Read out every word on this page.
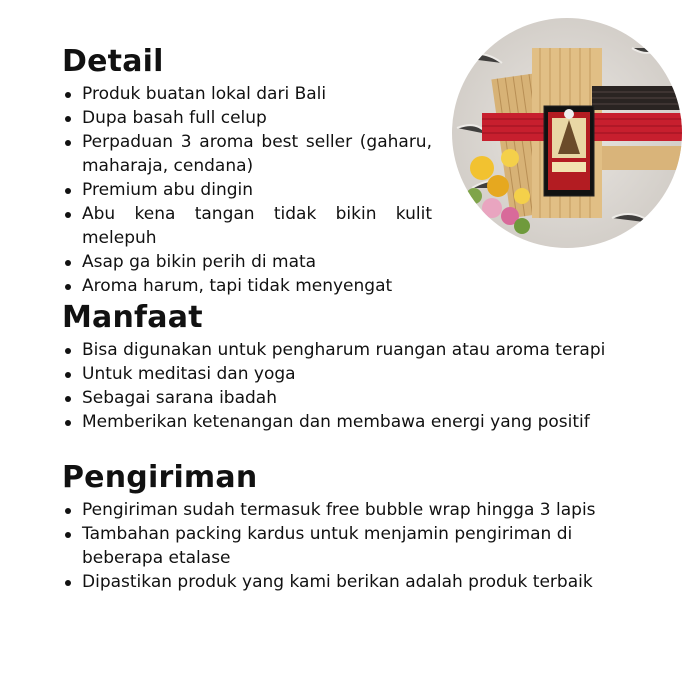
Detail
Produk buatan lokal dari Bali
Dupa basah full celup
Perpaduan 3 aroma best seller (gaharu, maharaja, cendana)
Premium abu dingin
Abu kena tangan tidak bikin kulit melepuh
Asap ga bikin perih di mata
Aroma harum, tapi tidak menyengat
Manfaat
Bisa digunakan untuk pengharum ruangan atau aroma terapi
Untuk meditasi dan yoga
Sebagai sarana ibadah
Memberikan ketenangan dan membawa energi yang positif
Pengiriman
Pengiriman sudah termasuk free bubble wrap hingga 3 lapis
Tambahan packing kardus untuk menjamin pengiriman di beberapa etalase
Dipastikan produk yang kami berikan adalah produk terbaik
